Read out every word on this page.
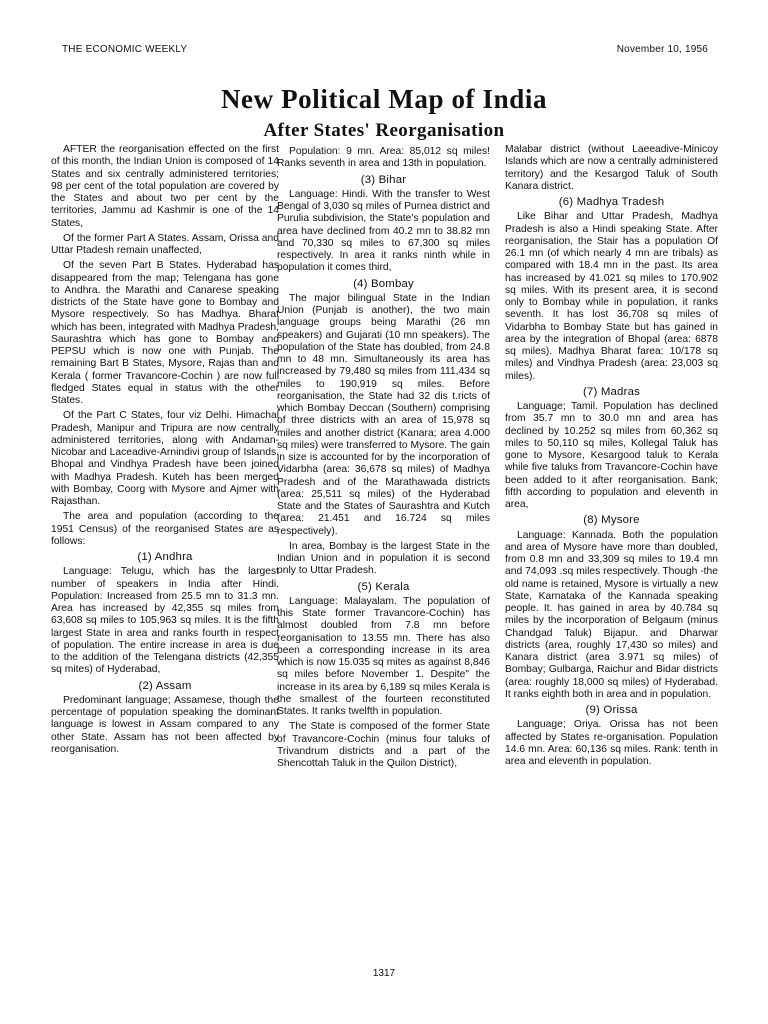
THE ECONOMIC WEEKLY	November 10, 1956
New Political Map of India
After States' Reorganisation

AFTER the reorganisation effected on the first of this month, the Indian Union is composed of 14 States and six centrally administered territories; 98 per cent of the total population are covered by the States and about two per cent by the territories, Jammu ad Kashmir is one of the 14 States,

Of the former Part A States. Assam, Orissa and Uttar Ptadesh remain unaffected,

Of the seven Part B States. Hyderabad has disappeared from the map; Telengana has gone to Andhra. the Marathi and Canarese speaking districts of the State have gone to Bombay and Mysore respectively. So has Madhya. Bharat which has been, integrated with Madhya Pradesh, Saurashtra which has gone to Bombay and PEPSU which is now one with Punjab. The remaining Bart B States, Mysore, Rajas than and Kerala ( former Travancore-Cochin ) are now full fledged States equal in status with the other States.

Of the Part C States, four viz Delhi. Himachal Pradesh, Manipur and Tripura are now centrally administered territories, along with Andaman-Nicobar and Laceadive-Arnindivi group of Islands. Bhopal and Vindhya Pradesh have been joined with Madhya Pradesh. Kuteh has been merged with Bombay, Coorg with Mysore and Ajmer with Rajasthan.

The area and population (according to the 1951 Census) of the reorganised States are as follows:

(1) Andhra

Language: Telugu, which has the largest number of speakers in India after Hindi. Population: Increased from 25.5 mn to 31.3 mn. Area has increased by 42,355 sq miles from 63,608 sq miles to 105,963 sq miles. It is the fifth largest State in area and ranks fourth in respect of population. The entire increase in area is due to the addition of the Telengana districts (42,355 sq mites) of Hyderabad,

(2) Assam

Predominant language; Assamese, though the percentage of population speaking the dominant language is lowest in Assam compared to any other State. Assam has not been affected by reorganisation.

Population: 9 mn. Area: 85,012 sq miles! Ranks seventh in area and 13th in population.

(3) Bihar

Language: Hindi. With the transfer to West Bengal of 3,030 sq miles of Purnea district and Purulia subdivision, the State's population and area have declined from 40.2 mn to 38.82 mn and 70,330 sq miles to 67,300 sq miles respectively. In area it ranks ninth while in population it comes third,

(4) Bombay

The major bilingual State in the Indian Union (Punjab is another), the two main language groups being Marathi (26 mn speakers) and Gujarati (10 mn speakers). The population of the State has doubled, from 24.8 mn to 48 mn. Simultaneously its area has increased by 79,480 sq miles from 111,434 sq miles to 190,919 sq miles. Before reorganisation, the State had 32 dis t.ricts of which Bombay Deccan (Southern) comprising of three districts with an area of 15,978 sq miles and another district (Kanara; area 4.000 sq miles) were transferred to Mysore. The gain in size is accounted for by the incorporation of Vidarbha (area: 36,678 sq miles) of Madhya Pradesh and of the Marathawada districts (area: 25,511 sq miles) of the Hyderabad State and the States of Saurashtra and Kutch (area: 21.451 and 16.724 sq miles respectively).

In area, Bombay is the largest State in the Indian Union and in population it is second only to Uttar Pradesh.

(5) Kerala

Language: Malayalam. The population of this State former Travancore-Cochin) has almost doubled from 7.8 mn before reorganisation to 13.55 mn. There has also been a corresponding increase in its area which is now 15.035 sq mites as against 8,846 sq miles before November 1. Despite" the increase in its area by 6,189 sq miles Kerala is the smallest of the fourteen reconstituted States. It ranks twelfth in population.

The State is composed of the former State of Travancore-Cochin (minus four taluks of Trivandrum districts and a part of the Shencottah Taluk in the Quilon District),

Malabar district (without Laeeadive-Minicoy Islands which are now a centrally administered territory) and the Kesargod Taluk of South Kanara district.

(6) Madhya Tradesh

Like Bihar and Uttar Pradesh, Madhya Pradesh is also a Hindi speaking State. After reorganisation, the Stair has a population Of 26.1 mn (of which nearly 4 mn are tribals) as compared with 18.4 mn in the past. Its area has increased by 41.021 sq miles to 170.902 sq miles. With its present area, it is second only to Bombay while in population, it ranks seventh. It has lost 36,708 sq miles of Vidarbha to Bombay State but has gained in area by the integration of Bhopal (area: 6878 sq miles). Madhya Bharat farea: 10/178 sq miles) and Vindhya Pradesh (area: 23,003 sq miles).

(7) Madras

Language; Tamil. Population has declined from 35.7 mn to 30.0 mn and area has declined by 10.252 sq miles from 60,362 sq miles to 50,110 sq miles, Kollegal Taluk has gone to Mysore, Kesargood taluk to Kerala while five taluks from Travancore-Cochin have been added to it after reorganisation. Bank; fifth according to population and eleventh in area,

(8) Mysore

Language: Kannada. Both the population and area of Mysore have more than doubled, from 0.8 mn and 33,309 sq miles to 19.4 mn and 74,093 .sq miles respectively. Though -the old name is retained, Mysore is virtually a new State, Karnataka of the Kannada speaking people. It. has gained in area by 40.784 sq miles by the incorporation of Belgaum (minus Chandgad Taluk) Bijapur. and Dharwar districts (area, roughly 17,430 so miles) and Kanara district (area 3.971 sq miles) of Bombay; Gulbarga, Raichur and Bidar districts (area: roughly 18,000 sq miles) of Hyderabad. It ranks eighth both in area and in population.

(9) Orissa

Language; Oriya. Orissa has not been affected by States re-organisation. Population 14.6 mn. Area: 60,136 sq miles. Rank: tenth in area and eleventh in population.

1317
